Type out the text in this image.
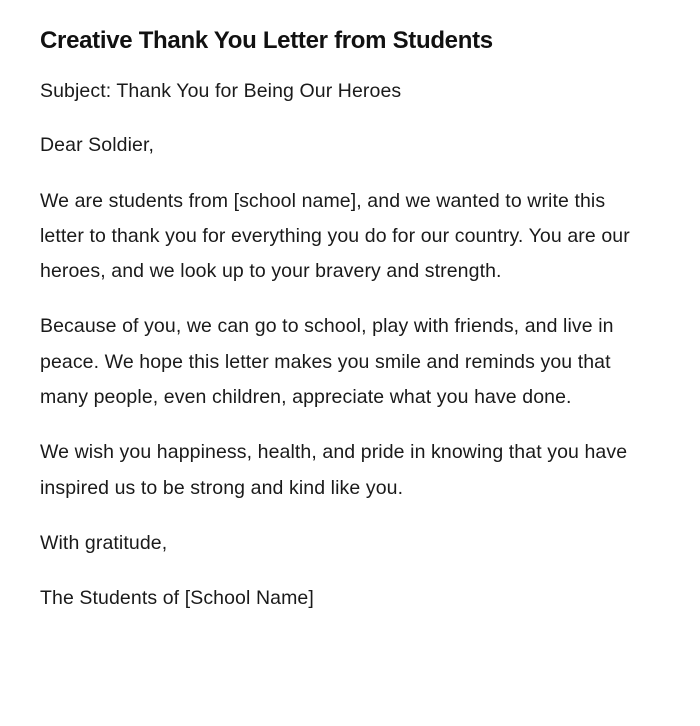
Creative Thank You Letter from Students

Subject: Thank You for Being Our Heroes

Dear Soldier,

We are students from [school name], and we wanted to write this letter to thank you for everything you do for our country. You are our heroes, and we look up to your bravery and strength.

Because of you, we can go to school, play with friends, and live in peace. We hope this letter makes you smile and reminds you that many people, even children, appreciate what you have done.

We wish you happiness, health, and pride in knowing that you have inspired us to be strong and kind like you.

With gratitude,

The Students of [School Name]
